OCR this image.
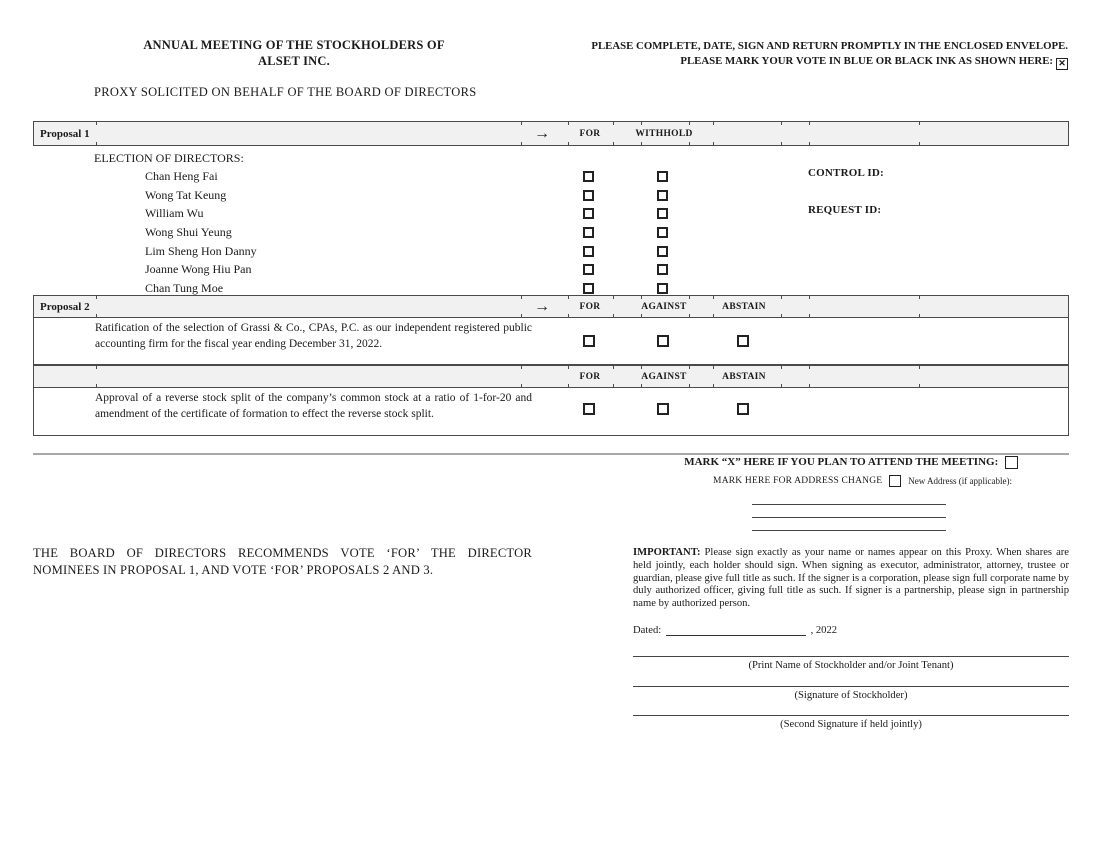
ANNUAL MEETING OF THE STOCKHOLDERS OF
ALSET INC.
PROXY SOLICITED ON BEHALF OF THE BOARD OF DIRECTORS
PLEASE COMPLETE, DATE, SIGN AND RETURN PROMPTLY IN THE ENCLOSED ENVELOPE.
PLEASE MARK YOUR VOTE IN BLUE OR BLACK INK AS SHOWN HERE: ✕
Proposal 1	→	FOR	WITHHOLD
ELECTION OF DIRECTORS:
Chan Heng Fai
Wong Tat Keung
William Wu
Wong Shui Yeung
Lim Sheng Hon Danny
Joanne Wong Hiu Pan
Chan Tung Moe
CONTROL ID:
REQUEST ID:
Proposal 2	→	FOR	AGAINST	ABSTAIN
Ratification of the selection of Grassi & Co., CPAs, P.C. as our independent registered public accounting firm for the fiscal year ending December 31, 2022.
FOR	AGAINST	ABSTAIN
Approval of a reverse stock split of the company’s common stock at a ratio of 1-for-20 and amendment of the certificate of formation to effect the reverse stock split.
MARK “X” HERE IF YOU PLAN TO ATTEND THE MEETING:
MARK HERE FOR ADDRESS CHANGE	New Address (if applicable):
THE BOARD OF DIRECTORS RECOMMENDS VOTE ‘FOR’ THE DIRECTOR NOMINEES IN PROPOSAL 1, AND VOTE ‘FOR’ PROPOSALS 2 AND 3.
IMPORTANT: Please sign exactly as your name or names appear on this Proxy. When shares are held jointly, each holder should sign. When signing as executor, administrator, attorney, trustee or guardian, please give full title as such. If the signer is a corporation, please sign full corporate name by duly authorized officer, giving full title as such. If signer is a partnership, please sign in partnership name by authorized person.
Dated:	, 2022
(Print Name of Stockholder and/or Joint Tenant)
(Signature of Stockholder)
(Second Signature if held jointly)
